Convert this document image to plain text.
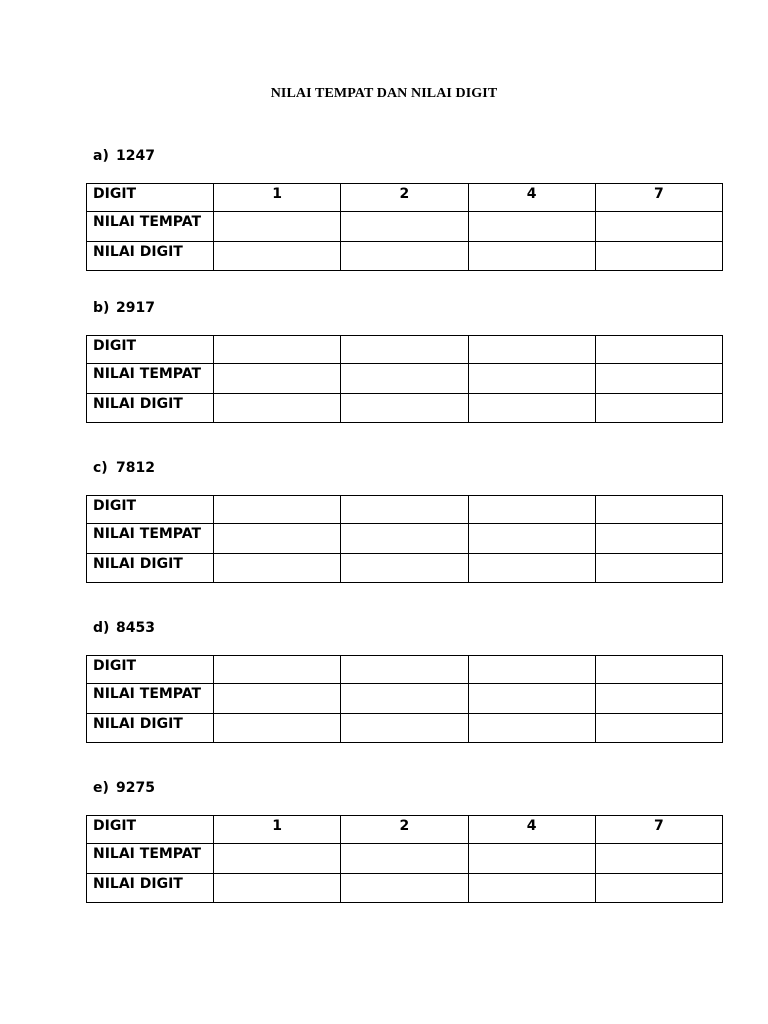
NILAI TEMPAT DAN NILAI DIGIT
a) 1247
DIGIT	1	2	4	7
NILAI TEMPAT				
NILAI DIGIT				
b) 2917
DIGIT				
NILAI TEMPAT				
NILAI DIGIT				
c) 7812
DIGIT				
NILAI TEMPAT				
NILAI DIGIT				
d) 8453
DIGIT				
NILAI TEMPAT				
NILAI DIGIT				
e) 9275
DIGIT	1	2	4	7
NILAI TEMPAT				
NILAI DIGIT				
